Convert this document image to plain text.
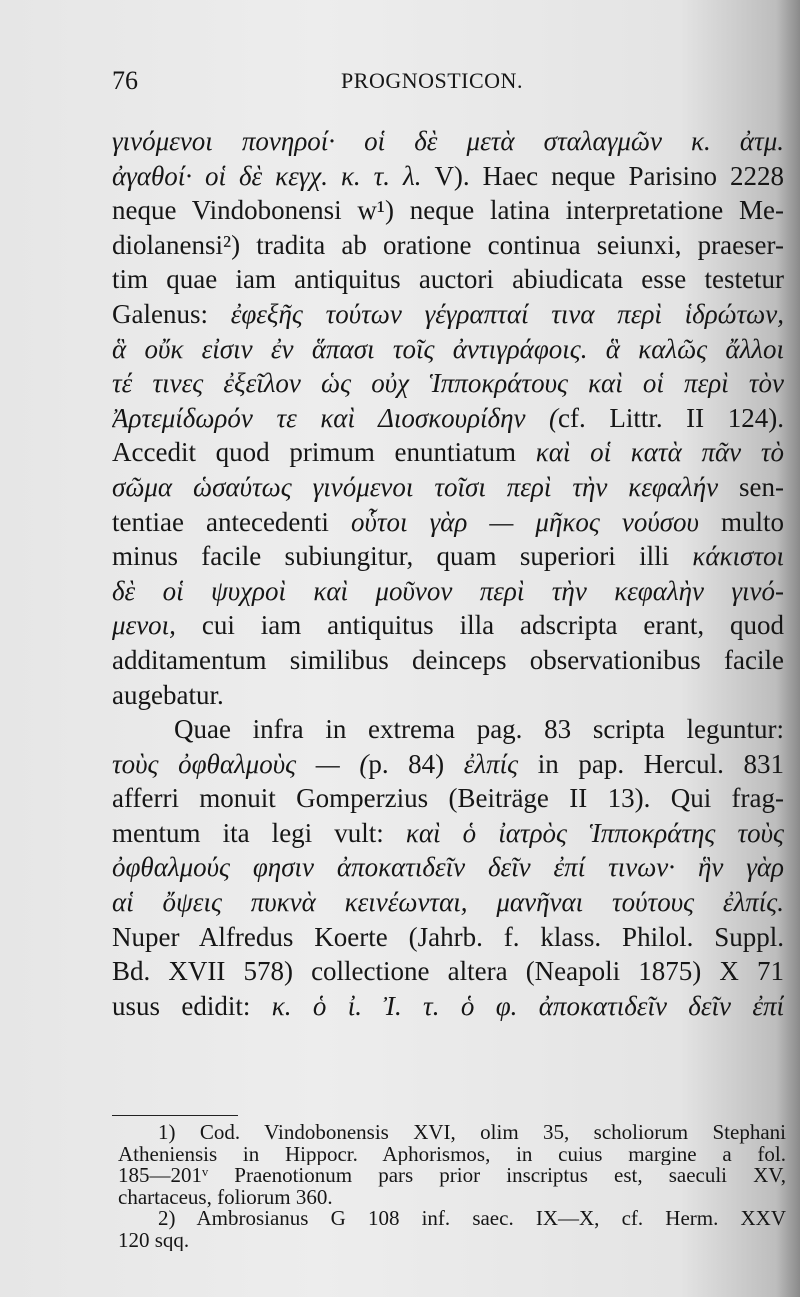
76	PROGNOSTICON.
γινόμενοι πονηροί· οἱ δὲ μετὰ σταλαγμῶν κ. ἀτμ.
ἀγαθοί· οἱ δὲ κεγχ. κ. τ. λ. V). Haec neque Parisino 2228
neque Vindobonensi w¹) neque latina interpretatione Me-
diolanensi²) tradita ab oratione continua seiunxi, praeser-
tim quae iam antiquitus auctori abiudicata esse testetur
Galenus: ἐφεξῆς τούτων γέγραπταί τινα περὶ ἱδρώτων,
ἃ οὔκ εἰσιν ἐν ἅπασι τοῖς ἀντιγράφοις. ἃ καλῶς ἄλλοι
τέ τινες ἐξεῖλον ὡς οὐχ Ἱπποκράτους καὶ οἱ περὶ τὸν
Ἀρτεμίδωρόν τε καὶ Διοσκουρίδην (cf. Littr. II 124).
Accedit quod primum enuntiatum καὶ οἱ κατὰ πᾶν τὸ
σῶμα ὡσαύτως γινόμενοι τοῖσι περὶ τὴν κεφαλήν sen-
tentiae antecedenti οὗτοι γὰρ — μῆκος νούσου multo
minus facile subiungitur, quam superiori illi κάκιστοι
δὲ οἱ ψυχροὶ καὶ μοῦνον περὶ τὴν κεφαλὴν γινό-
μενοι, cui iam antiquitus illa adscripta erant, quod
additamentum similibus deinceps observationibus facile
augebatur.
Quae infra in extrema pag. 83 scripta leguntur:
τοὺς ὀφθαλμοὺς — (p. 84) ἐλπίς in pap. Hercul. 831
afferri monuit Gomperzius (Beiträge II 13). Qui frag-
mentum ita legi vult: καὶ ὁ ἰατρὸς Ἱπποκράτης τοὺς
ὀφθαλμούς φησιν ἀποκατιδεῖν δεῖν ἐπί τινων· ἣν γὰρ
αἱ ὄψεις πυκνὰ κεινέωνται, μανῆναι τούτους ἐλπίς.
Nuper Alfredus Koerte (Jahrb. f. klass. Philol. Suppl.
Bd. XVII 578) collectione altera (Neapoli 1875) X 71
usus edidit: κ. ὁ ἰ. Ἰ. τ. ὁ φ. ἀποκατιδεῖν δεῖν ἐπί
1) Cod. Vindobonensis XVI, olim 35, scholiorum Stephani
Atheniensis in Hippocr. Aphorismos, in cuius margine a fol.
185—201ᵛ Praenotionum pars prior inscriptus est, saeculi XV,
chartaceus, foliorum 360.
2) Ambrosianus G 108 inf. saec. IX—X, cf. Herm. XXV
120 sqq.
